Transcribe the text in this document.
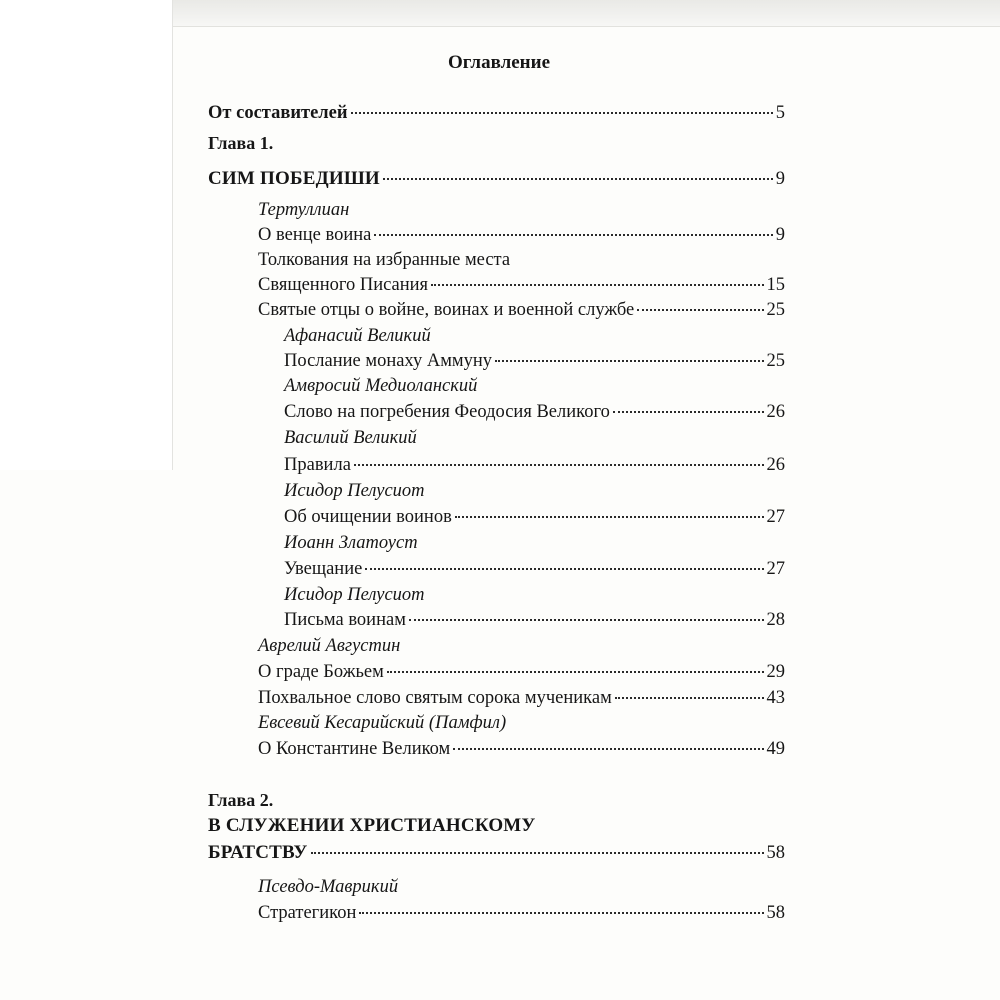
Оглавление
От составителей	5
Глава 1.
СИМ ПОБЕДИШИ	9
Тертуллиан
О венце воина	9
Толкования на избранные места
Священного Писания	15
Святые отцы о войне, воинах и военной службе	25
Афанасий Великий
Послание монаху Аммуну	25
Амвросий Медиоланский
Слово на погребения Феодосия Великого	26
Василий Великий
Правила	26
Исидор Пелусиот
Об очищении воинов	27
Иоанн Златоуст
Увещание	27
Исидор Пелусиот
Письма воинам	28
Аврелий Августин
О граде Божьем	29
Похвальное слово святым сорока мученикам	43
Евсевий Кесарийский (Памфил)
О Константине Великом	49
Глава 2.
В СЛУЖЕНИИ ХРИСТИАНСКОМУ
БРАТСТВУ	58
Псевдо-Маврикий
Стратегикон	58
